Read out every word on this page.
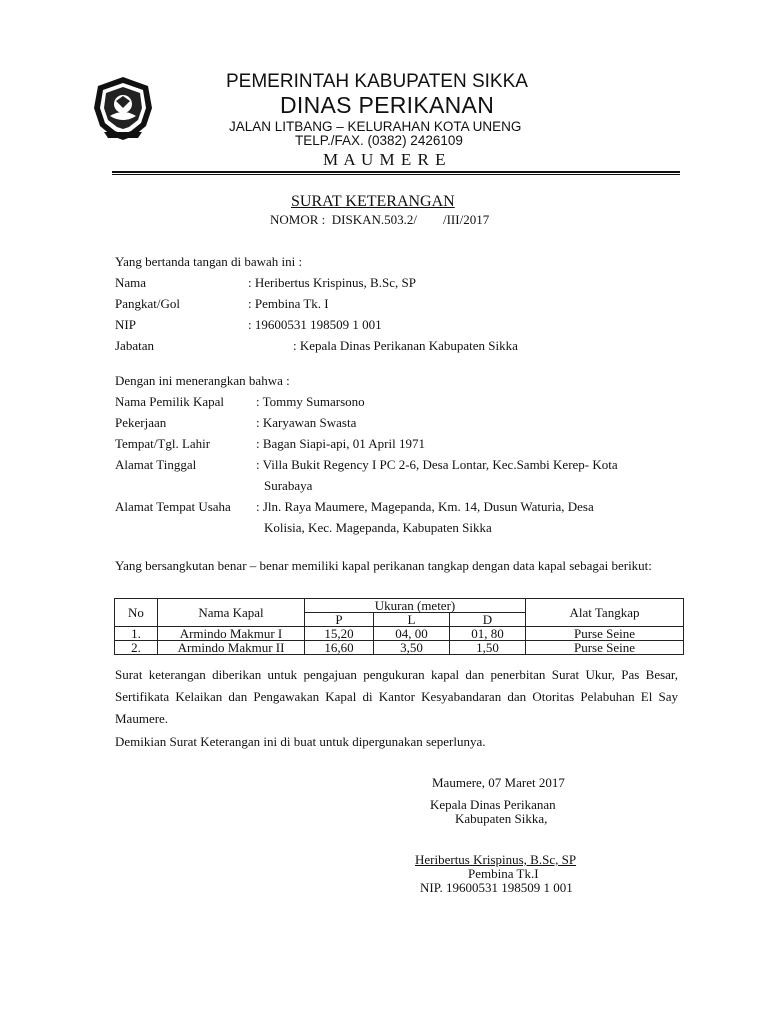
PEMERINTAH KABUPATEN SIKKA
DINAS PERIKANAN
JALAN LITBANG – KELURAHAN KOTA UNENG
TELP./FAX. (0382) 2426109
M A U M E R E
SURAT KETERANGAN
NOMOR :  DISKAN.503.2/        /III/2017
Yang bertanda tangan di bawah ini :
Nama	: Heribertus Krispinus, B.Sc, SP
Pangkat/Gol	: Pembina Tk. I
NIP	: 19600531 198509 1 001
Jabatan	: Kepala Dinas Perikanan Kabupaten Sikka
Dengan ini menerangkan bahwa :
Nama Pemilik Kapal : Tommy Sumarsono
Pekerjaan	: Karyawan Swasta
Tempat/Tgl. Lahir	: Bagan Siapi-api, 01 April 1971
Alamat Tinggal	: Villa Bukit Regency I PC 2-6, Desa Lontar, Kec.Sambi Kerep- Kota
Surabaya
Alamat Tempat Usaha : Jln. Raya Maumere, Magepanda, Km. 14, Dusun Waturia, Desa
Kolisia, Kec. Magepanda, Kabupaten Sikka
Yang bersangkutan benar – benar memiliki kapal perikanan tangkap dengan data kapal sebagai berikut:
No	Nama Kapal	Ukuran (meter)			Alat Tangkap
		P	L	D	
1.	Armindo Makmur I	15,20	04, 00	01, 80	Purse Seine
2.	Armindo Makmur II	16,60	3,50	1,50	Purse Seine
Surat keterangan diberikan untuk pengajuan pengukuran kapal dan penerbitan Surat Ukur, Pas Besar, Sertifikata Kelaikan dan Pengawakan Kapal di Kantor Kesyabandaran dan Otoritas Pelabuhan El Say Maumere.
Demikian Surat Keterangan ini di buat untuk dipergunakan seperlunya.
Maumere, 07 Maret 2017
Kepala Dinas Perikanan
Kabupaten Sikka,
Heribertus Krispinus, B.Sc, SP
Pembina Tk.I
NIP. 19600531 198509 1 001
